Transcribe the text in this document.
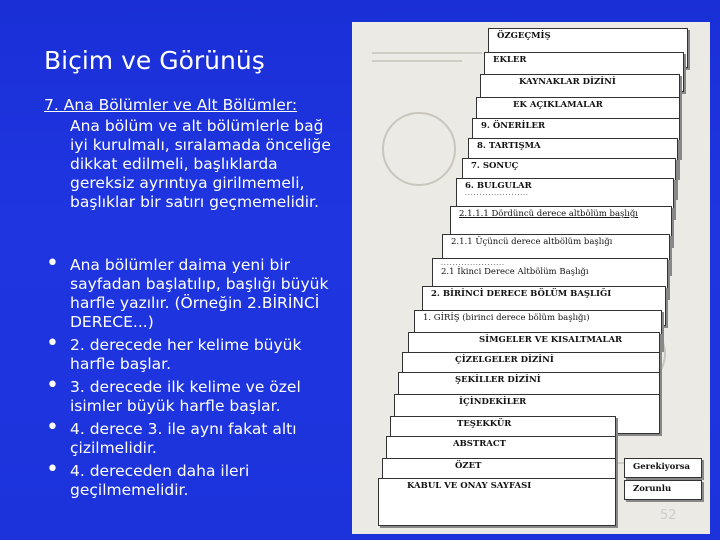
Biçim ve Görünüş
7. Ana Bölümler ve Alt Bölümler:
Ana bölüm ve alt bölümlerle bağ iyi kurulmalı, sıralamada önceliğe dikkat edilmeli, başlıklarda gereksiz ayrıntıya girilmemeli, başlıklar bir satırı geçmemelidir.
• Ana bölümler daima yeni bir sayfadan başlatılıp, başlığı büyük harfle yazılır. (Örneğin 2.BİRİNCİ DERECE...)
• 2. derecede her kelime büyük harfle başlar.
• 3. derecede ilk kelime ve özel isimler büyük harfle başlar.
• 4. derece 3. ile aynı fakat altı çizilmelidir.
• 4. dereceden daha ileri geçilmemelidir.
ÖZGEÇMİŞ
EKLER
KAYNAKLAR DİZİNİ
EK AÇIKLAMALAR
9. ÖNERİLER
8. TARTIŞMA
7. SONUÇ
6. BULGULAR
......................
2.1.1.1 Dördüncü derece altbölüm başlığı
2.1.1 Üçüncü derece altbölüm başlığı
......................
2.1 İkinci Derece Altbölüm Başlığı
2. BİRİNCİ DERECE BÖLÜM BAŞLIĞI
1. GİRİŞ (birinci derece bölüm başlığı)
SİMGELER VE KISALTMALAR
ÇİZELGELER DİZİNİ
ŞEKİLLER DİZİNİ
İÇİNDEKİLER
TEŞEKKÜR
ABSTRACT
ÖZET
KABUL VE ONAY SAYFASI
Gerekiyorsa
Zorunlu
52
